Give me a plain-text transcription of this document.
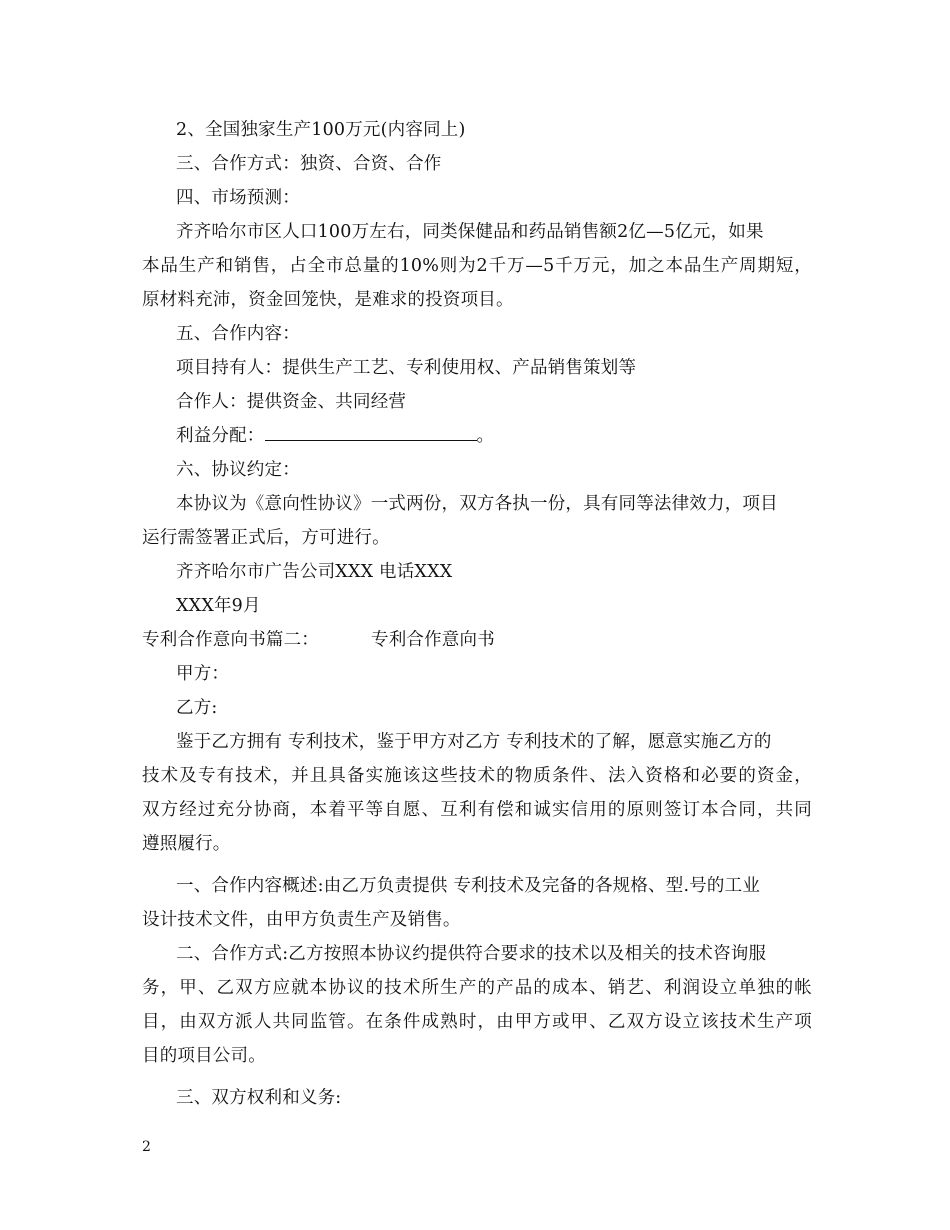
2、全国独家生产100万元(内容同上)
三、合作方式：独资、合资、合作
四、市场预测：
齐齐哈尔市区人口100万左右，同类保健品和药品销售额2亿—5亿元，如果
本品生产和销售，占全市总量的10%则为2千万—5千万元，加之本品生产周期短，
原材料充沛，资金回笼快，是难求的投资项目。
五、合作内容：
项目持有人：提供生产工艺、专利使用权、产品销售策划等
合作人：提供资金、共同经营
利益分配：	。
六、协议约定：
本协议为《意向性协议》一式两份，双方各执一份，具有同等法律效力，项目
运行需签署正式后，方可进行。
齐齐哈尔市广告公司XXX 电话XXX
XXX年9月
专利合作意向书篇二：	专利合作意向书
甲方：
乙方:
鉴于乙方拥有 专利技术，鉴于甲方对乙方 专利技术的了解，愿意实施乙方的
技术及专有技术，并且具备实施该这些技术的物质条件、法入资格和必要的资金，
双方经过充分协商，本着平等自愿、互利有偿和诚实信用的原则签订本合同，共同
遵照履行。
一、合作内容概述:由乙万负责提供 专利技术及完备的各规格、型.号的工业
设计技术文件，由甲方负责生产及销售。
二、合作方式:乙方按照本协议约提供符合要求的技术以及相关的技术咨询服
务，甲、乙双方应就本协议的技术所生产的产品的成本、销艺、利润设立单独的帐
目，由双方派人共同监管。在条件成熟时，由甲方或甲、乙双方设立该技术生产项
目的项目公司。
三、双方权利和义务:
2
